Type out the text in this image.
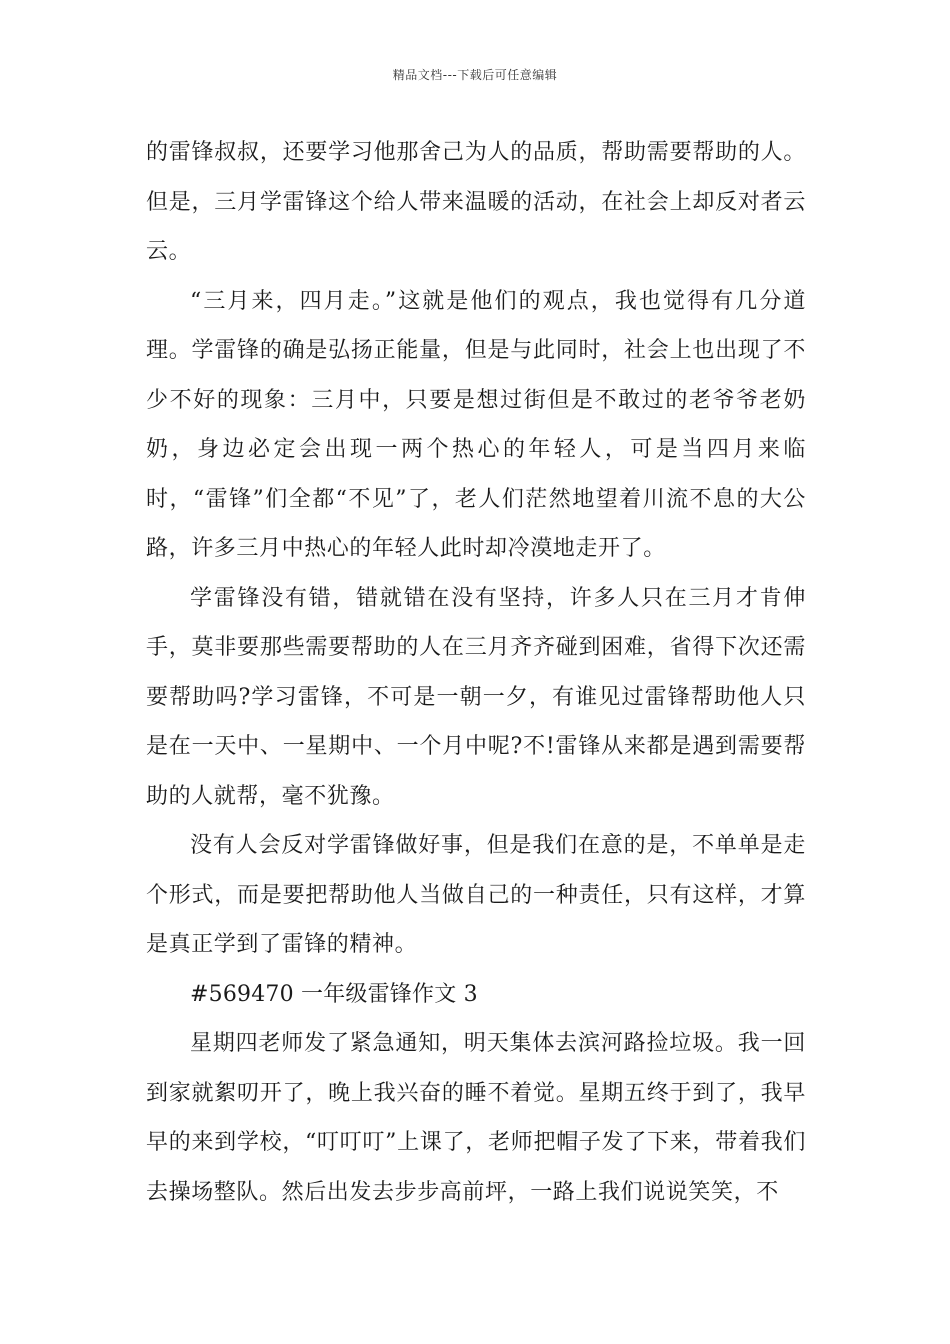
精品文档---下载后可任意编辑

的雷锋叔叔，还要学习他那舍己为人的品质，帮助需要帮助的人。但是，三月学雷锋这个给人带来温暖的活动，在社会上却反对者云云。

“三月来，四月走。”这就是他们的观点，我也觉得有几分道理。学雷锋的确是弘扬正能量，但是与此同时，社会上也出现了不少不好的现象：三月中，只要是想过街但是不敢过的老爷爷老奶奶，身边必定会出现一两个热心的年轻人，可是当四月来临时，“雷锋”们全都“不见”了，老人们茫然地望着川流不息的大公路，许多三月中热心的年轻人此时却冷漠地走开了。

学雷锋没有错，错就错在没有坚持，许多人只在三月才肯伸手，莫非要那些需要帮助的人在三月齐齐碰到困难，省得下次还需要帮助吗?学习雷锋，不可是一朝一夕，有谁见过雷锋帮助他人只是在一天中、一星期中、一个月中呢?不!雷锋从来都是遇到需要帮助的人就帮，毫不犹豫。

没有人会反对学雷锋做好事，但是我们在意的是，不单单是走个形式，而是要把帮助他人当做自己的一种责任，只有这样，才算是真正学到了雷锋的精神。

#569470 一年级雷锋作文 3

星期四老师发了紧急通知，明天集体去滨河路捡垃圾。我一回到家就絮叨开了，晚上我兴奋的睡不着觉。星期五终于到了，我早早的来到学校，“叮叮叮”上课了，老师把帽子发了下来，带着我们去操场整队。然后出发去步步高前坪，一路上我们说说笑笑，不
